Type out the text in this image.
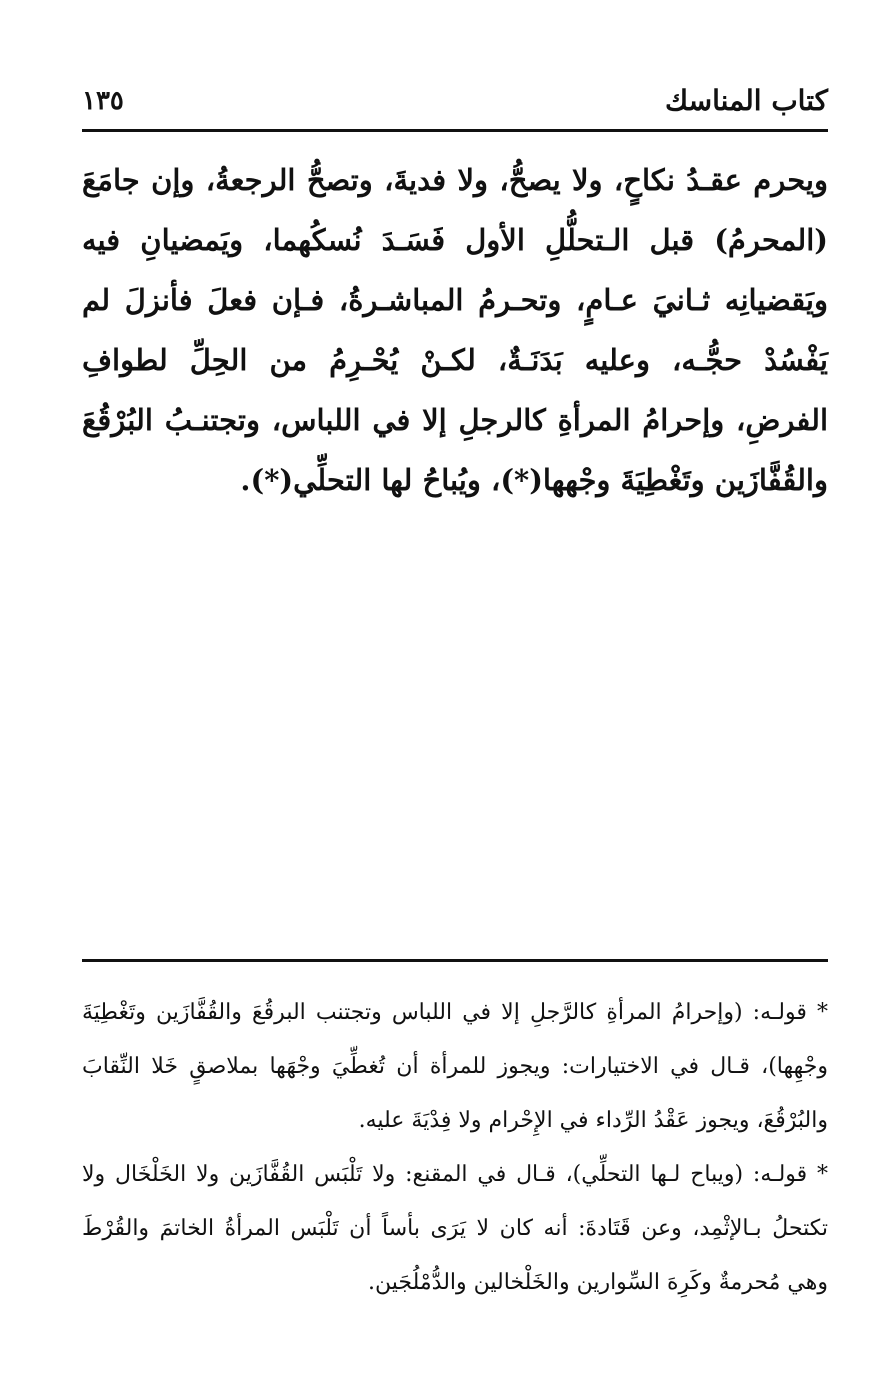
كتاب المناسك
١٣٥

ويحرم عقـدُ نكاحٍ، ولا يصحُّ، ولا فديةَ، وتصحُّ الرجعةُ، وإن جامَعَ (المحرمُ) قبل الـتحلُّلِ الأول فَسَـدَ نُسكُهما، ويَمضيانِ فيه ويَقضيانِه ثـانيَ عـامٍ، وتحـرمُ المباشـرةُ، فـإن فعلَ فأنزلَ لم يَفْسُدْ حجُّـه، وعليه بَدَنَـةٌ، لكـنْ يُحْـرِمُ من الحِلِّ لطوافِ الفرضِ، وإحرامُ المرأةِ كالرجلِ إلا في اللباس، وتجتنـبُ البُرْقُعَ والقُفَّازَين وتَغْطِيَةَ وجْهها(*)، ويُباحُ لها التحلِّي(*).

* قولـه: (وإحرامُ المرأةِ كالرَّجلِ إلا في اللباس وتجتنب البرقُعَ والقُفَّازَين وتَغْطِيَةَ وجْهِها)، قـال في الاختيارات: ويجوز للمرأة أن تُغطِّيَ وجْهَها بملاصقٍ خَلا النِّقابَ والبُرْقُعَ، ويجوز عَقْدُ الرِّداء في الإِحْرام ولا فِدْيَةَ عليه.

* قولـه: (ويباح لـها التحلِّي)، قـال في المقنع: ولا تَلْبَس القُفَّازَين ولا الخَلْخَال ولا تكتحلُ بـالإثْمِد، وعن قَتَادةَ: أنه كان لا يَرَى بأساً أن تَلْبَس المرأةُ الخاتمَ والقُرْطَ وهي مُحرمةٌ وكَرِهَ السِّوارين والخَلْخالين والدُّمْلُجَين.
